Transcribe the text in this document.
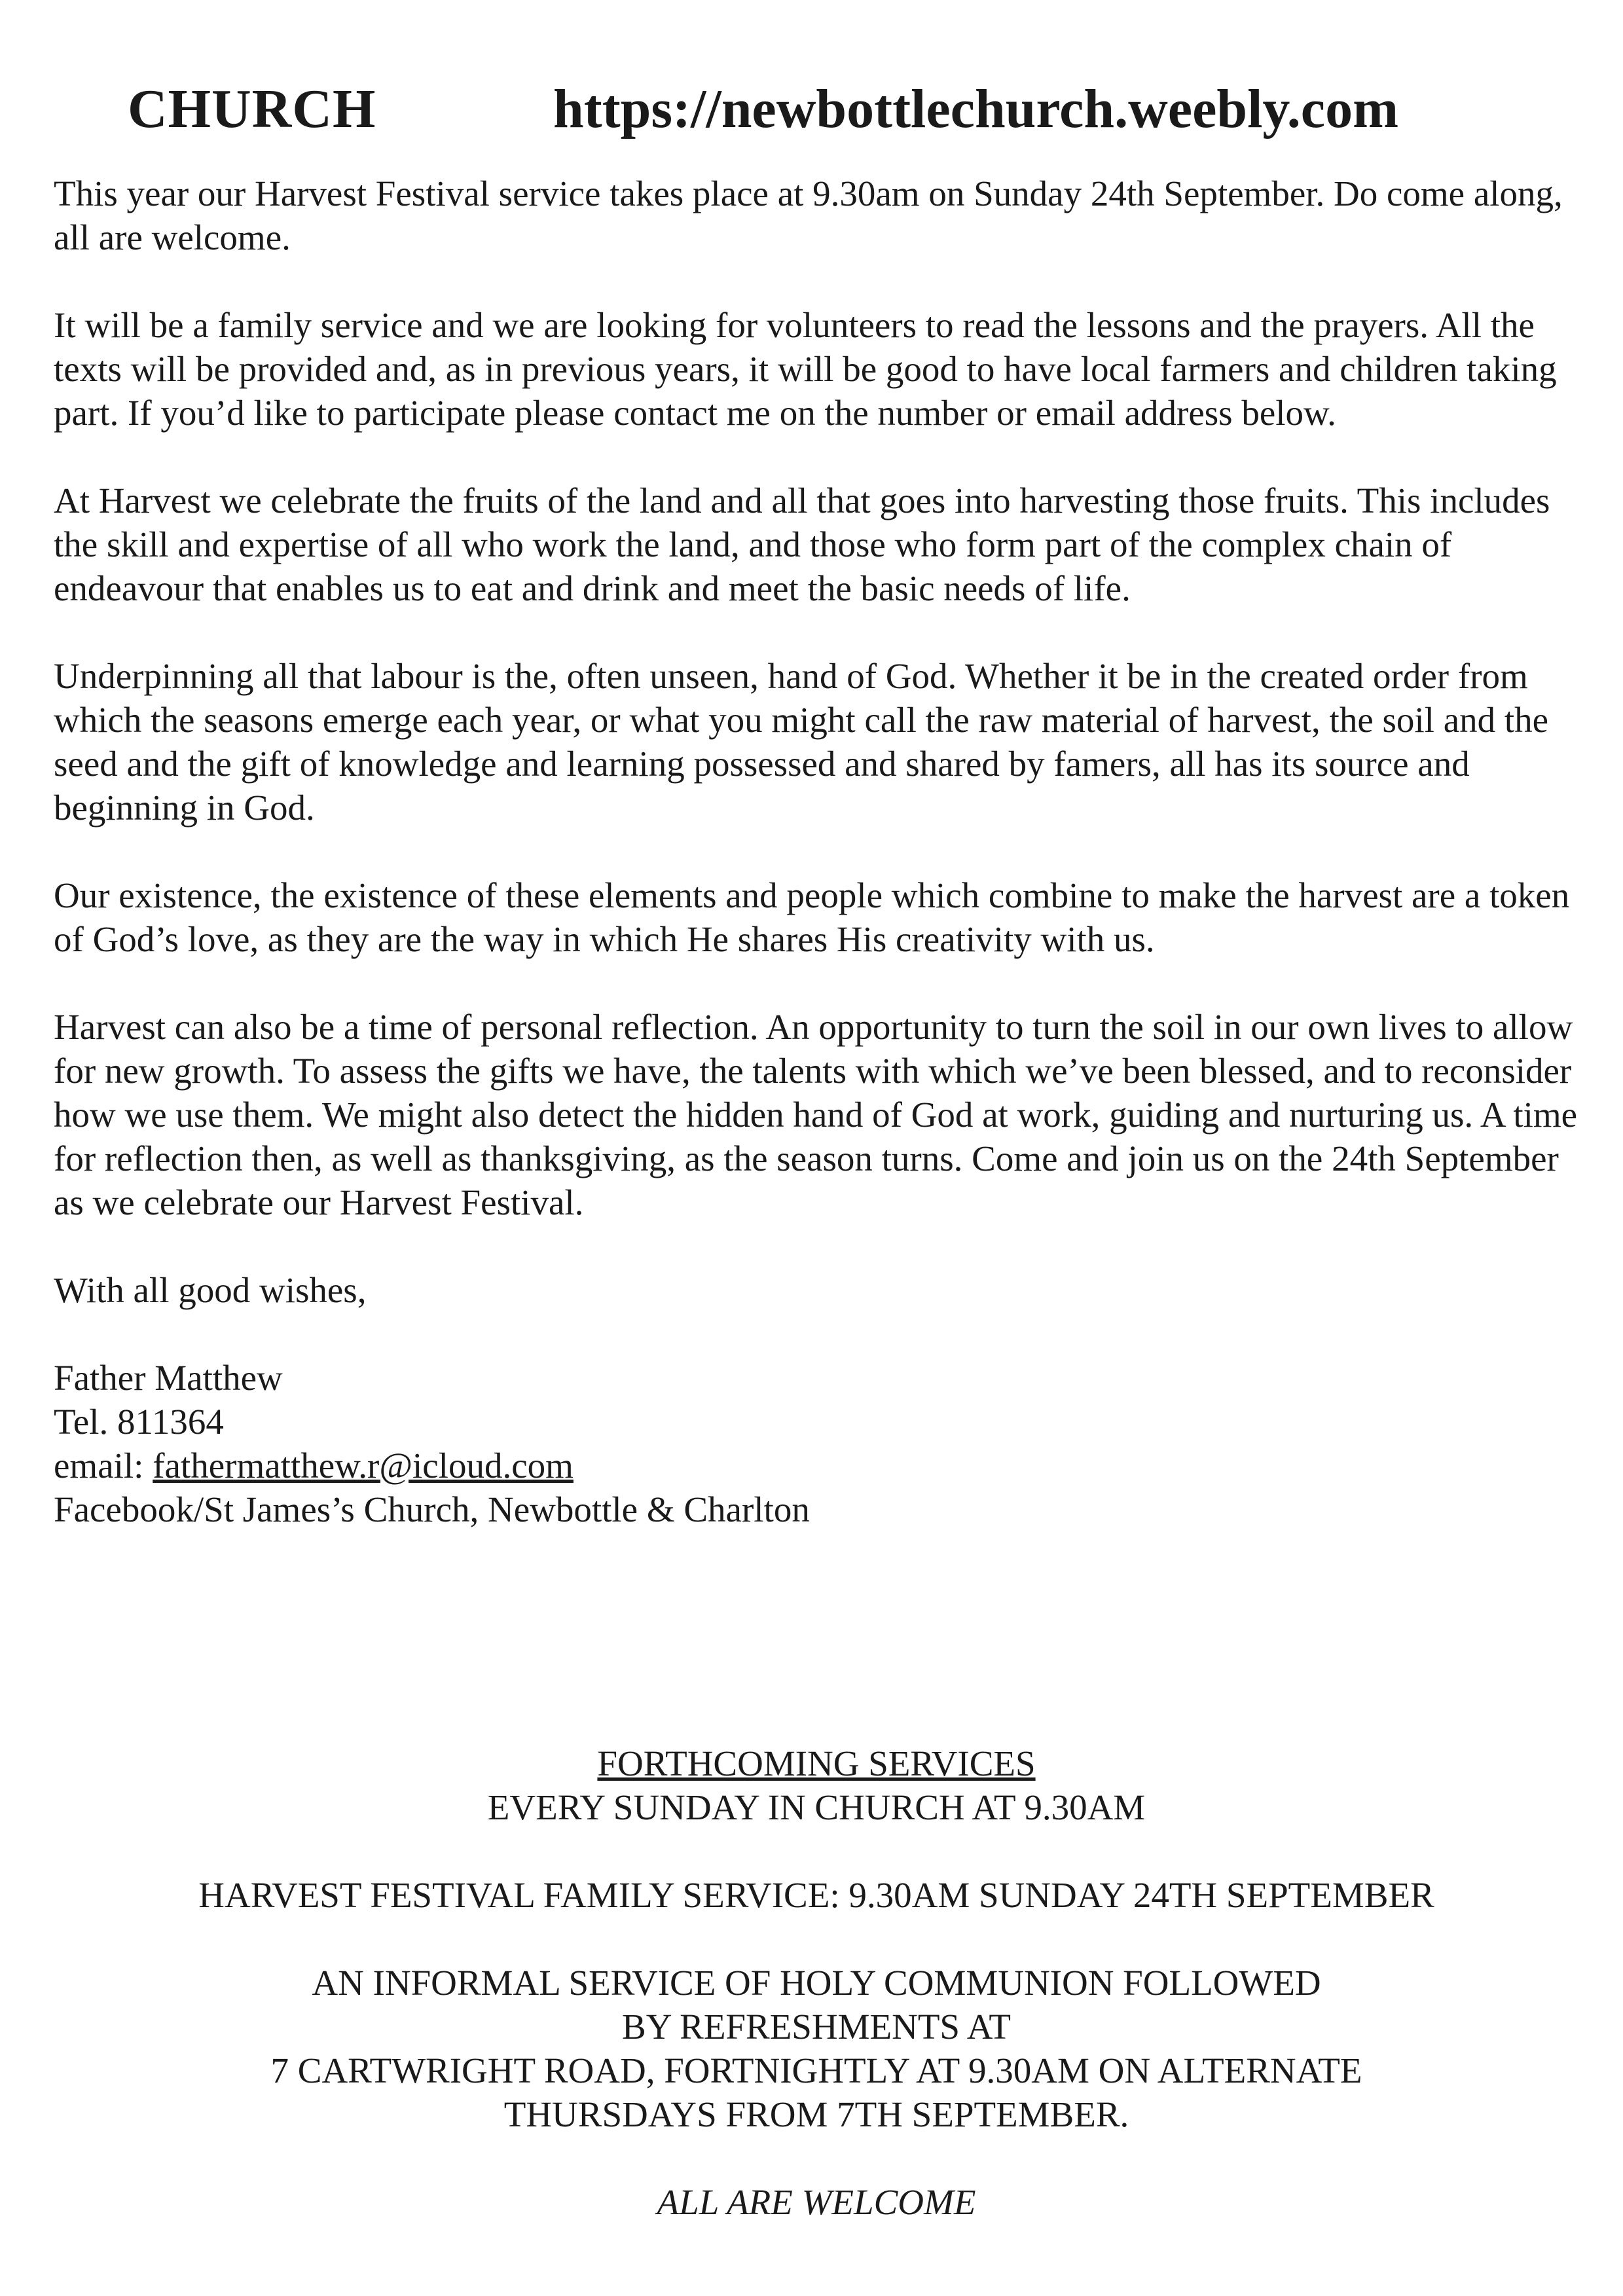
CHURCH	https://newbottlechurch.weebly.com

This year our Harvest Festival service takes place at 9.30am on Sunday 24th September. Do come along, all are welcome.

It will be a family service and we are looking for volunteers to read the lessons and the prayers. All the texts will be provided and, as in previous years, it will be good to have local farmers and children taking part. If you’d like to participate please contact me on the number or email address below.

At Harvest we celebrate the fruits of the land and all that goes into harvesting those fruits. This includes the skill and expertise of all who work the land, and those who form part of the complex chain of endeavour that enables us to eat and drink and meet the basic needs of life.

Underpinning all that labour is the, often unseen, hand of God. Whether it be in the created order from which the seasons emerge each year, or what you might call the raw material of harvest, the soil and the seed and the gift of knowledge and learning possessed and shared by famers, all has its source and beginning in God.

Our existence, the existence of these elements and people which combine to make the harvest are a token of God’s love, as they are the way in which He shares His creativity with us.

Harvest can also be a time of personal reflection. An opportunity to turn the soil in our own lives to allow for new growth. To assess the gifts we have, the talents with which we’ve been blessed, and to reconsider how we use them. We might also detect the hidden hand of God at work, guiding and nurturing us. A time for reflection then, as well as thanksgiving, as the season turns. Come and join us on the 24th September as we celebrate our Harvest Festival.

With all good wishes,
Father Matthew
Tel. 811364
email: fathermatthew.r@icloud.com
Facebook/St James’s Church, Newbottle & Charlton
FORTHCOMING SERVICES

EVERY SUNDAY IN CHURCH AT 9.30AM

HARVEST FESTIVAL FAMILY SERVICE: 9.30AM SUNDAY 24TH SEPTEMBER

AN INFORMAL SERVICE OF HOLY COMMUNION FOLLOWED
BY REFRESHMENTS AT
7 CARTWRIGHT ROAD, FORTNIGHTLY AT 9.30AM ON ALTERNATE
THURSDAYS FROM 7TH SEPTEMBER.
ALL ARE WELCOME
